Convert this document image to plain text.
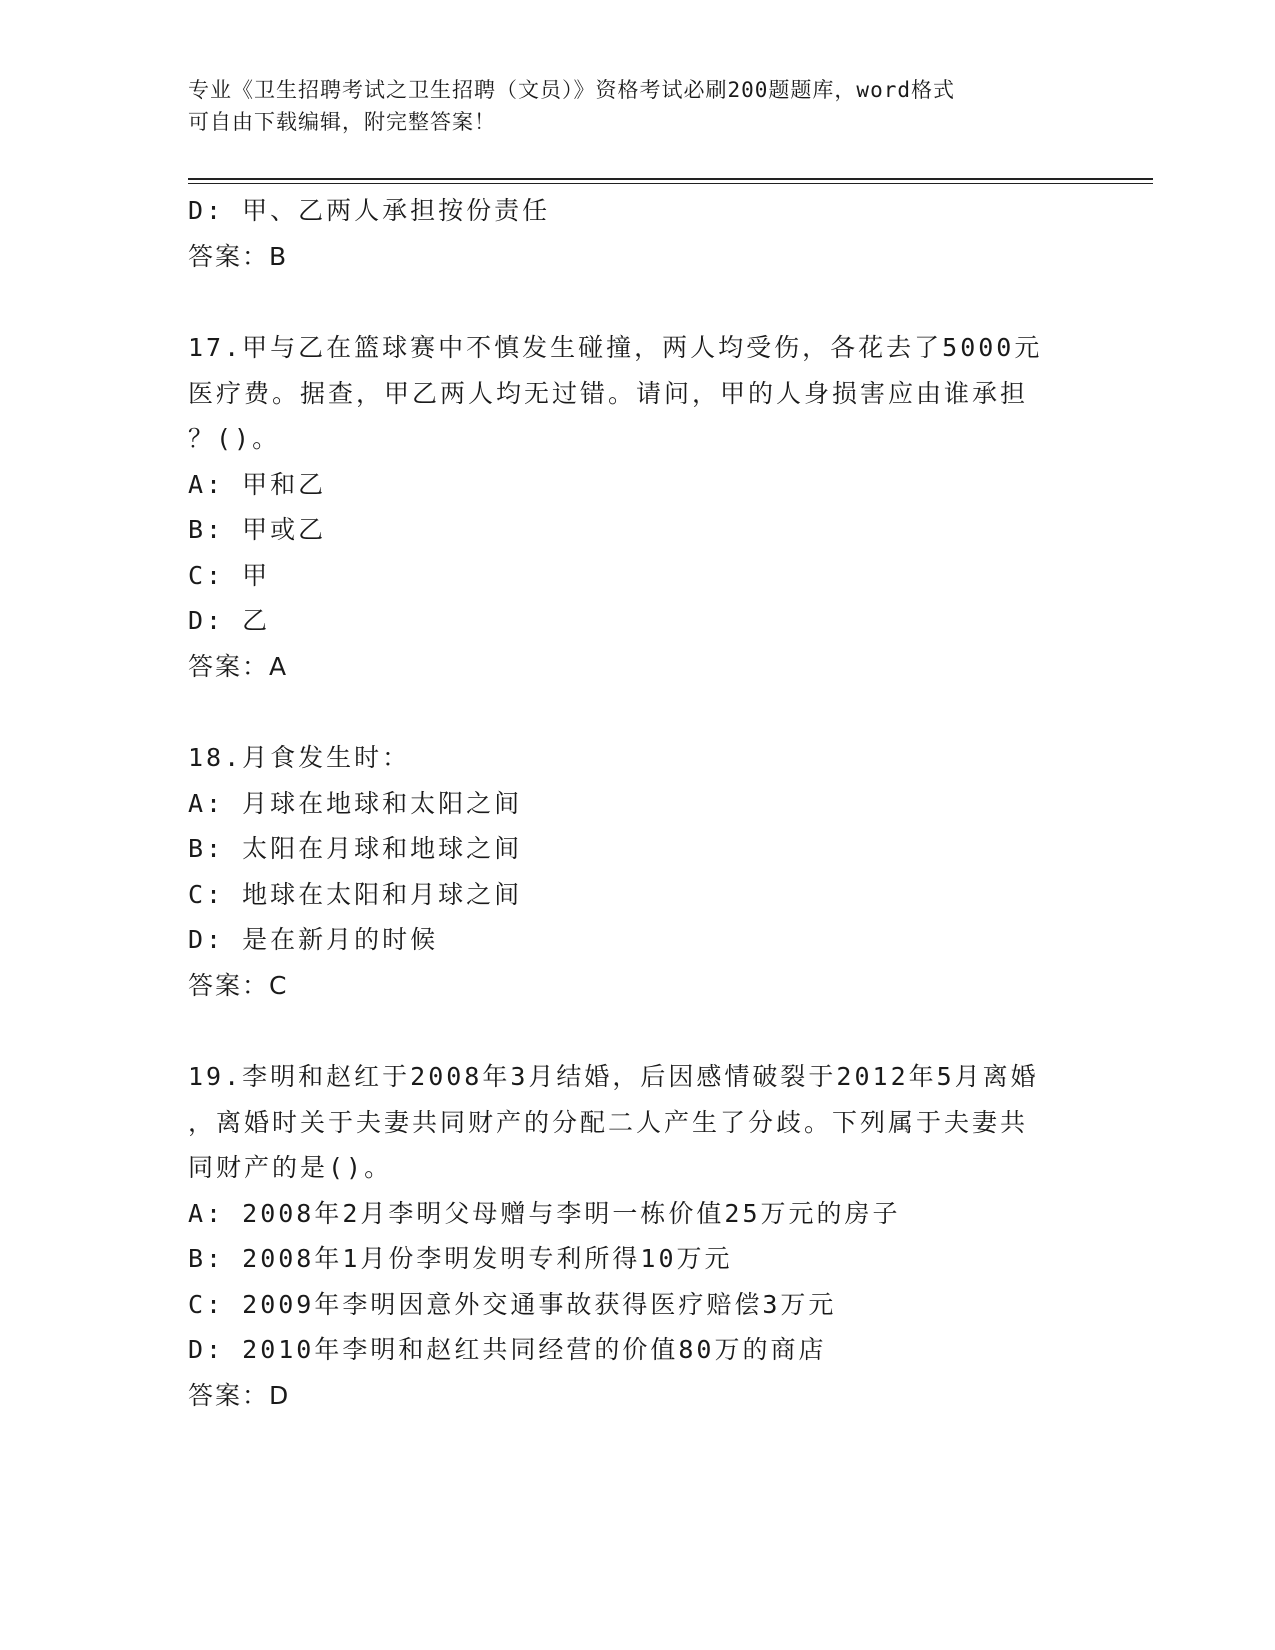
专业《卫生招聘考试之卫生招聘（文员）》资格考试必刷200题题库，word格式
可自由下载编辑，附完整答案！
D: 甲、乙两人承担按份责任
答案：B
17.甲与乙在篮球赛中不慎发生碰撞，两人均受伤，各花去了5000元
医疗费。据查，甲乙两人均无过错。请问，甲的人身损害应由谁承担
？()。
A: 甲和乙
B: 甲或乙
C: 甲
D: 乙
答案：A
18.月食发生时：
A: 月球在地球和太阳之间
B: 太阳在月球和地球之间
C: 地球在太阳和月球之间
D: 是在新月的时候
答案：C
19.李明和赵红于2008年3月结婚，后因感情破裂于2012年5月离婚
，离婚时关于夫妻共同财产的分配二人产生了分歧。下列属于夫妻共
同财产的是()。
A: 2008年2月李明父母赠与李明一栋价值25万元的房子
B: 2008年1月份李明发明专利所得10万元
C: 2009年李明因意外交通事故获得医疗赔偿3万元
D: 2010年李明和赵红共同经营的价值80万的商店
答案：D
